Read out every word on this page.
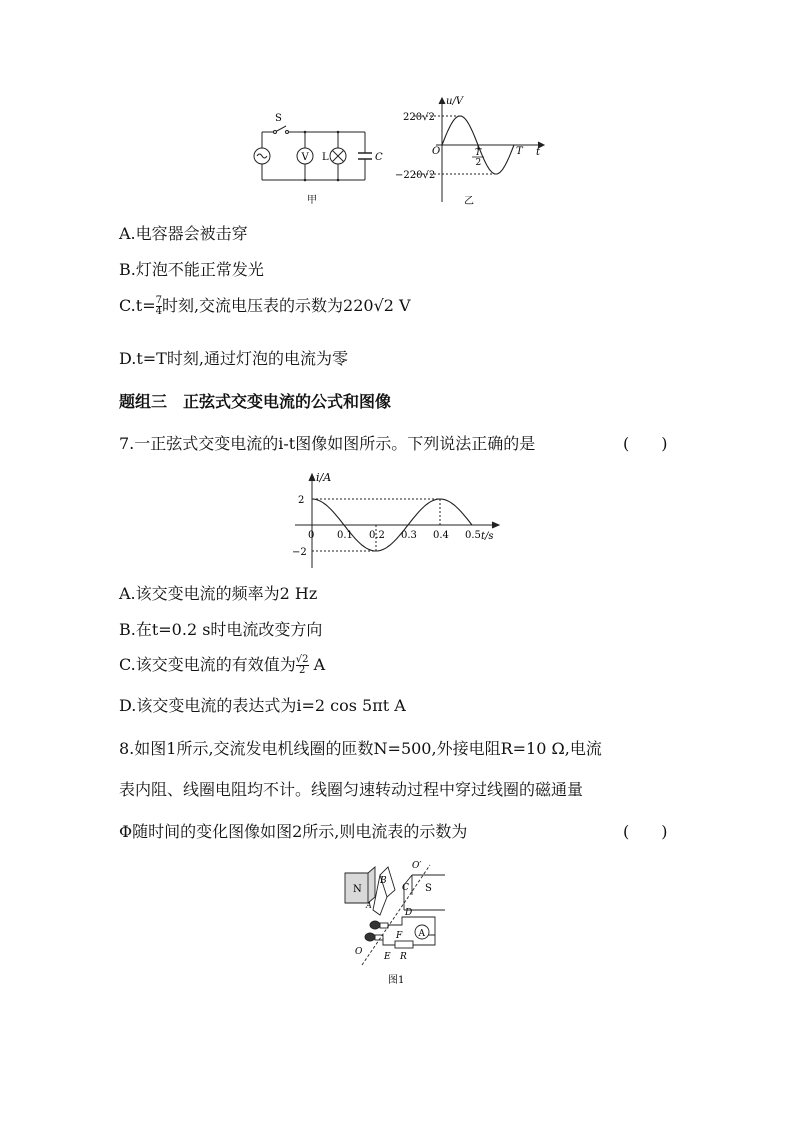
S
V L	C
甲
u/V
t
O
220√2
−220√2
T
2
T
乙
A.电容器会被击穿
B.灯泡不能正常发光
$C.t= \frac{7}{4}$ 时刻,交流电压表的示数为220√2 V
D.t=T时刻,通过灯泡的电流为零
题组三　正弦式交变电流的公式和图像
7.一正弦式交变电流的i-t图像如图所示。下列说法正确的是	(　　)
0 0.1 0.2 0.3 0.4 0.5
2
−2
i/A
t/s
A.该交变电流的频率为2 Hz
B.在t=0.2 s时电流改变方向
C.该交变电流的有效值为 $\frac{√2}{2}$ A
D.该交变电流的表达式为i=2 cos 5πt A
8.如图1所示,交流发电机线圈的匝数N=500,外接电阻R=10 Ω,电流
表内阻、线圈电阻均不计。线圈匀速转动过程中穿过线圈的磁通量
Φ随时间的变化图像如图2所示,则电流表的示数为	(　　)
N	S
A
B
C
D
E
F
R
O
O′
A
图1
